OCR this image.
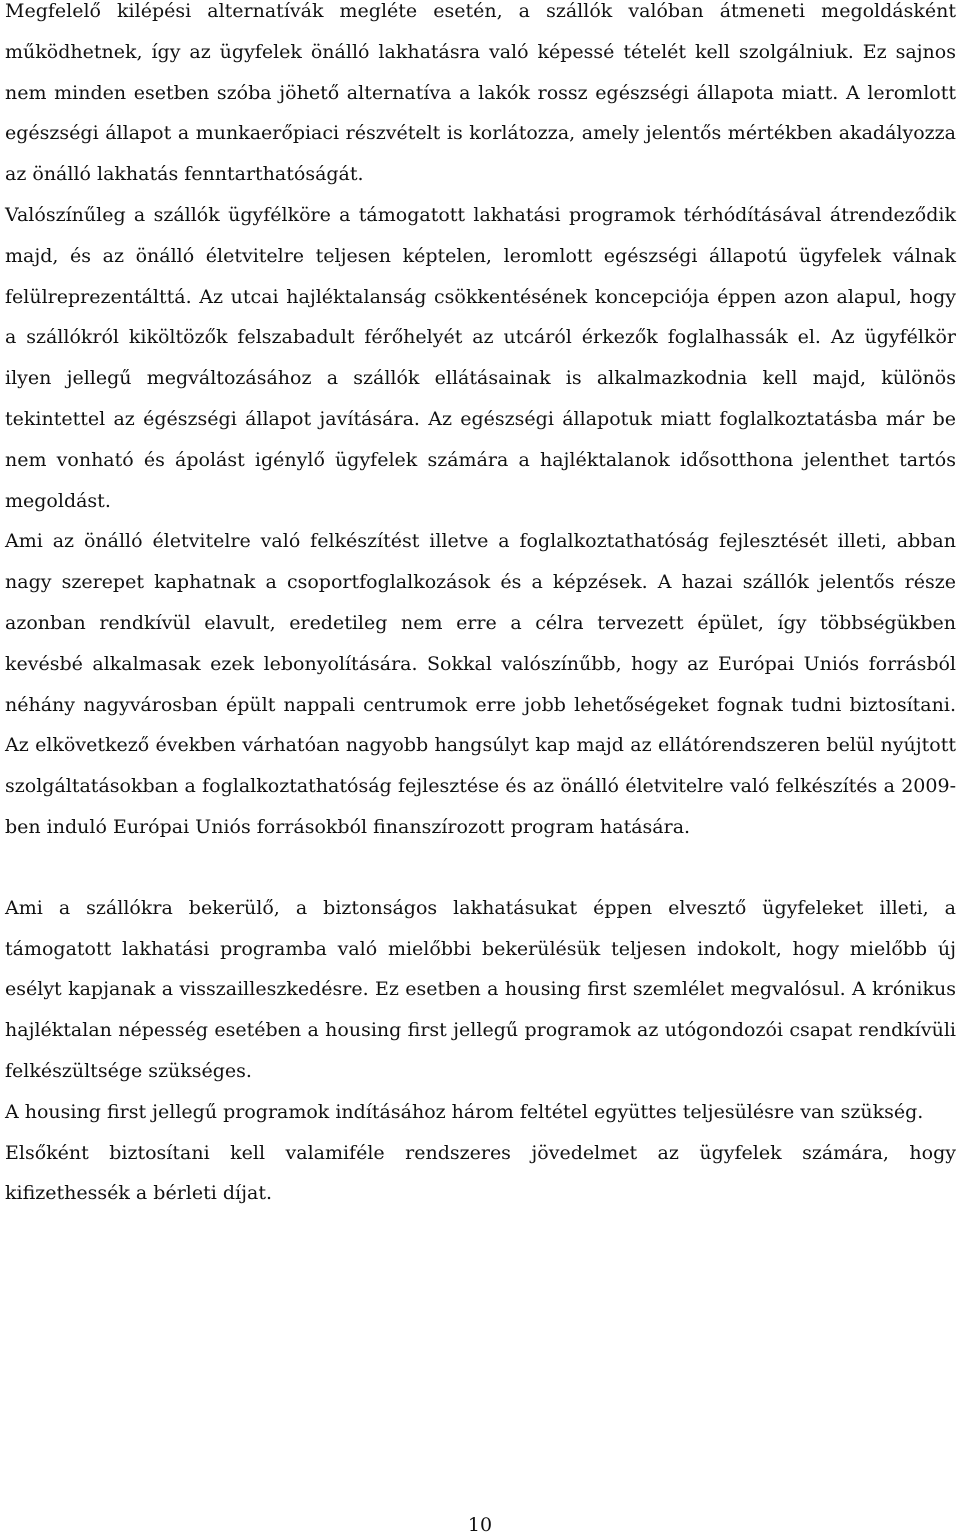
Megfelelő kilépési alternatívák megléte esetén, a szállók valóban átmeneti megoldásként működhetnek, így az ügyfelek önálló lakhatásra való képessé tételét kell szolgálniuk. Ez sajnos nem minden esetben szóba jöhető alternatíva a lakók rossz egészségi állapota miatt. A leromlott egészségi állapot a munkaerőpiaci részvételt is korlátozza, amely jelentős mértékben akadályozza az önálló lakhatás fenntarthatóságát.

Valószínűleg a szállók ügyfélköre a támogatott lakhatási programok térhódításával átrendeződik majd, és az önálló életvitelre teljesen képtelen, leromlott egészségi állapotú ügyfelek válnak felülreprezentálttá. Az utcai hajléktalanság csökkentésének koncepciója éppen azon alapul, hogy a szállókról kiköltözők felszabadult férőhelyét az utcáról érkezők foglalhassák el. Az ügyfélkör ilyen jellegű megváltozásához a szállók ellátásainak is alkalmazkodnia kell majd, különös tekintettel az égészségi állapot javítására. Az egészségi állapotuk miatt foglalkoztatásba már be nem vonható és ápolást igénylő ügyfelek számára a hajléktalanok idősotthona jelenthet tartós megoldást.

Ami az önálló életvitelre való felkészítést illetve a foglalkoztathatóság fejlesztését illeti, abban nagy szerepet kaphatnak a csoportfoglalkozások és a képzések. A hazai szállók jelentős része azonban rendkívül elavult, eredetileg nem erre a célra tervezett épület, így többségükben kevésbé alkalmasak ezek lebonyolítására. Sokkal valószínűbb, hogy az Európai Uniós forrásból néhány nagyvárosban épült nappali centrumok erre jobb lehetőségeket fognak tudni biztosítani. Az elkövetkező években várhatóan nagyobb hangsúlyt kap majd az ellátórendszeren belül nyújtott szolgáltatásokban a foglalkoztathatóság fejlesztése és az önálló életvitelre való felkészítés a 2009-ben induló Európai Uniós forrásokból finanszírozott program hatására.

Ami a szállókra bekerülő, a biztonságos lakhatásukat éppen elvesztő ügyfeleket illeti, a támogatott lakhatási programba való mielőbbi bekerülésük teljesen indokolt, hogy mielőbb új esélyt kapjanak a visszailleszkedésre. Ez esetben a housing first szemlélet megvalósul. A krónikus hajléktalan népesség esetében a housing first jellegű programok az utógondozói csapat rendkívüli felkészültsége szükséges.

A housing first jellegű programok indításához három feltétel együttes teljesülésre van szükség.

Elsőként biztosítani kell valamiféle rendszeres jövedelmet az ügyfelek számára, hogy kifizethessék a bérleti díjat.

10
